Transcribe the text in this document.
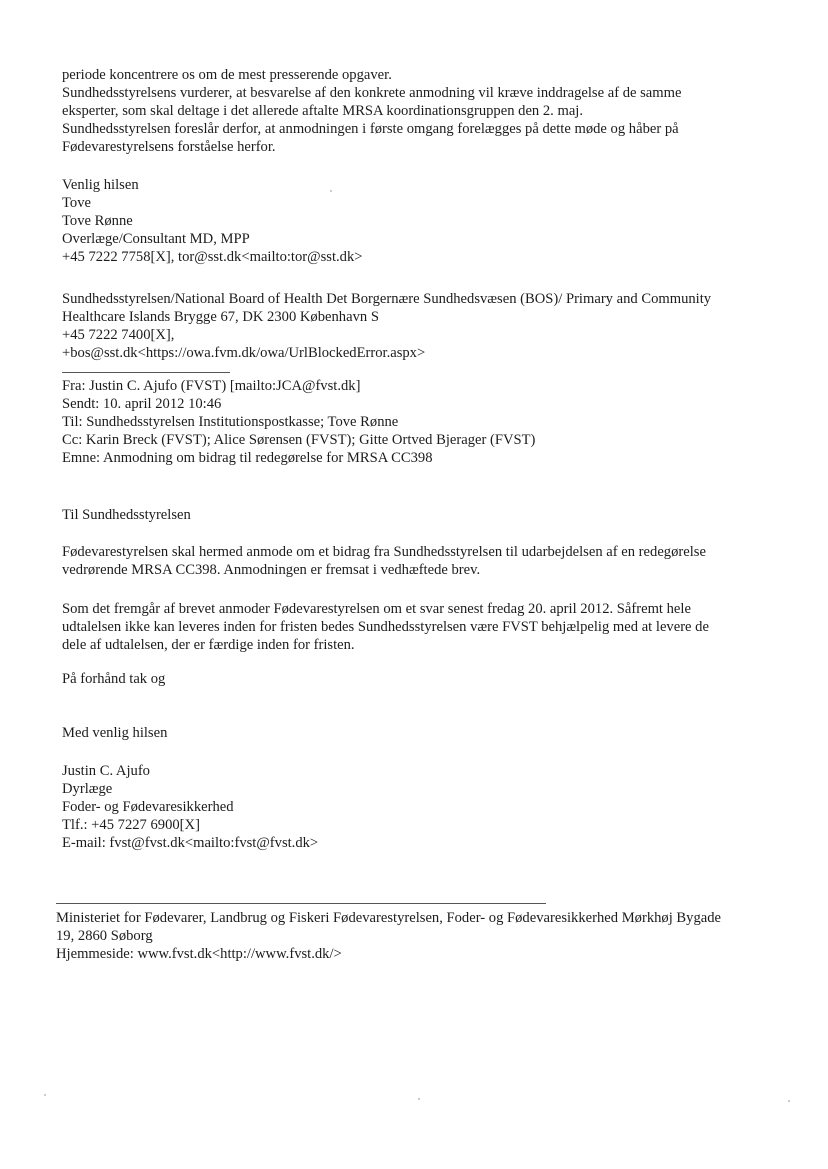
periode koncentrere os om de mest presserende opgaver.
Sundhedsstyrelsens vurderer, at besvarelse af den konkrete anmodning vil kræve inddragelse af de samme
eksperter, som skal deltage i det allerede aftalte MRSA koordinationsgruppen den 2. maj.
Sundhedsstyrelsen foreslår derfor, at anmodningen i første omgang forelægges på dette møde og håber på
Fødevarestyrelsens forståelse herfor.
Venlig hilsen
Tove
Tove Rønne
Overlæge/Consultant MD, MPP
+45 7222 7758[X], tor@sst.dk<mailto:tor@sst.dk>
Sundhedsstyrelsen/National Board of Health Det Borgernære Sundhedsvæsen (BOS)/ Primary and Community
Healthcare Islands Brygge 67, DK 2300 København S
+45 7222 7400[X],
+bos@sst.dk<https://owa.fvm.dk/owa/UrlBlockedError.aspx>
Fra: Justin C. Ajufo (FVST) [mailto:JCA@fvst.dk]
Sendt: 10. april 2012 10:46
Til: Sundhedsstyrelsen Institutionspostkasse; Tove Rønne
Cc: Karin Breck (FVST); Alice Sørensen (FVST); Gitte Ortved Bjerager (FVST)
Emne: Anmodning om bidrag til redegørelse for MRSA CC398
Til Sundhedsstyrelsen
Fødevarestyrelsen skal hermed anmode om et bidrag fra Sundhedsstyrelsen til udarbejdelsen af en redegørelse
vedrørende MRSA CC398. Anmodningen er fremsat i vedhæftede brev.
Som det fremgår af brevet anmoder Fødevarestyrelsen om et svar senest fredag 20. april 2012. Såfremt hele
udtalelsen ikke kan leveres inden for fristen bedes Sundhedsstyrelsen være FVST behjælpelig med at levere de
dele af udtalelsen, der er færdige inden for fristen.
På forhånd tak og
Med venlig hilsen
Justin C. Ajufo
Dyrlæge
Foder- og Fødevaresikkerhed
Tlf.: +45 7227 6900[X]
E-mail: fvst@fvst.dk<mailto:fvst@fvst.dk>
Ministeriet for Fødevarer, Landbrug og Fiskeri Fødevarestyrelsen, Foder- og Fødevaresikkerhed Mørkhøj Bygade
19, 2860 Søborg
Hjemmeside: www.fvst.dk<http://www.fvst.dk/>
